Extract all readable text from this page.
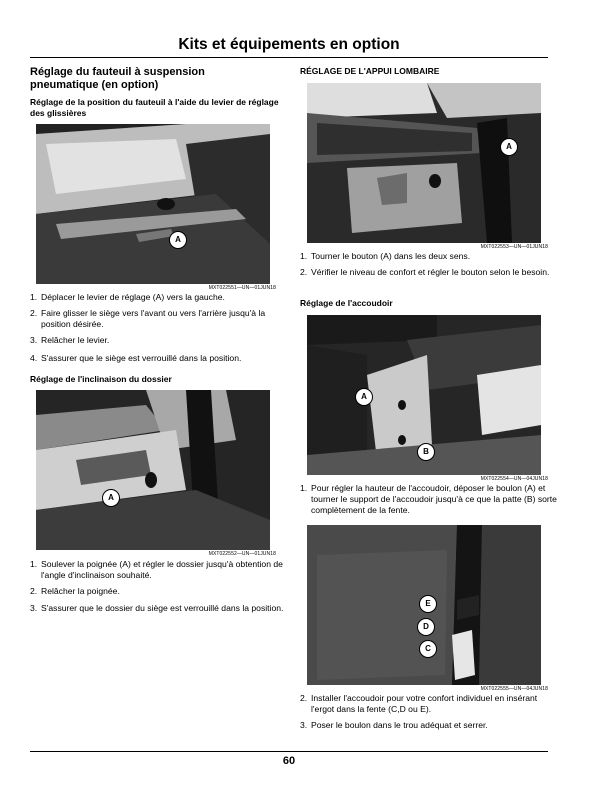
Kits et équipements en option
Réglage du fauteuil à suspension pneumatique (en option)
Réglage de la position du fauteuil à l'aide du levier de réglage des glissières
A
MXT022551—UN—01JUN18
1. Déplacer le levier de réglage (A) vers la gauche.
2. Faire glisser le siège vers l'avant ou vers l'arrière jusqu'à la position désirée.
3. Relâcher le levier.
4. S'assurer que le siège est verrouillé dans la position.
Réglage de l'inclinaison du dossier
A
MXT022552—UN—01JUN18
1. Soulever la poignée (A) et régler le dossier jusqu'à obtention de l'angle d'inclinaison souhaité.
2. Relâcher la poignée.
3. S'assurer que le dossier du siège est verrouillé dans la position.
RÉGLAGE DE L'APPUI LOMBAIRE
A
MXT022553—UN—01JUN18
1. Tourner le bouton (A) dans les deux sens.
2. Vérifier le niveau de confort et régler le bouton selon le besoin.
Réglage de l'accoudoir
A
B
MXT022554—UN—04JUN18
1. Pour régler la hauteur de l'accoudoir, déposer le boulon (A) et tourner le support de l'accoudoir jusqu'à ce que la patte (B) sorte complètement de la fente.
E
D
C
MXT022555—UN—04JUN18
2. Installer l'accoudoir pour votre confort individuel en insérant l'ergot dans la fente (C,D ou E).
3. Poser le boulon dans le trou adéquat et serrer.
60
